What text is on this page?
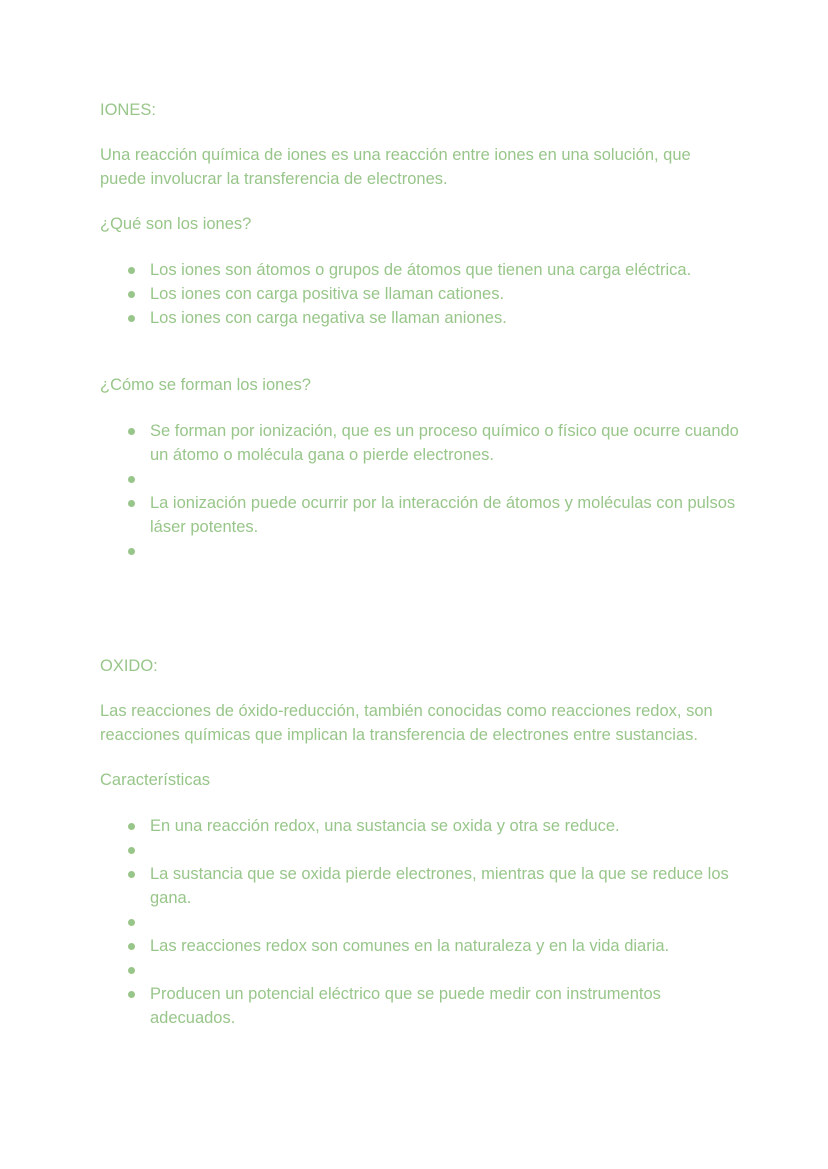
IONES:

Una reacción química de iones es una reacción entre iones en una solución, que puede involucrar la transferencia de electrones.

¿Qué son los iones?

Los iones son átomos o grupos de átomos que tienen una carga eléctrica.
Los iones con carga positiva se llaman cationes.
Los iones con carga negativa se llaman aniones.

¿Cómo se forman los iones?

Se forman por ionización, que es un proceso químico o físico que ocurre cuando un átomo o molécula gana o pierde electrones.
La ionización puede ocurrir por la interacción de átomos y moléculas con pulsos láser potentes.
OXIDO:

Las reacciones de óxido-reducción, también conocidas como reacciones redox, son reacciones químicas que implican la transferencia de electrones entre sustancias.

Características

En una reacción redox, una sustancia se oxida y otra se reduce.
La sustancia que se oxida pierde electrones, mientras que la que se reduce los gana.
Las reacciones redox son comunes en la naturaleza y en la vida diaria.
Producen un potencial eléctrico que se puede medir con instrumentos adecuados.
